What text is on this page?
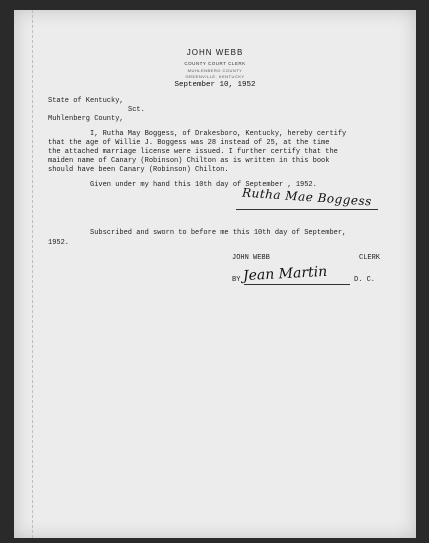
JOHN WEBB
COUNTY COURT CLERK
MUHLENBERG COUNTY
GREENVILLE, KENTUCKY
September 10, 1952
State of Kentucky,
Sct.
Muhlenberg County,
I, Rutha May Boggess, of Drakesboro, Kentucky, hereby certify
that the age of Willie J. Boggess was 28 instead of 25, at the time
the attached marriage license were issued. I further certify that the
maiden name of Canary (Robinson) Chilton as is written in this book
should have been Canary (Robinson) Chilton.
Given under my hand this 10th day of September , 1952.
Rutha Mae Boggess
Subscribed and sworn to before me this 10th day of September,
1952.
JOHN WEBB	CLERK
BY Jean Martin	D. C.
